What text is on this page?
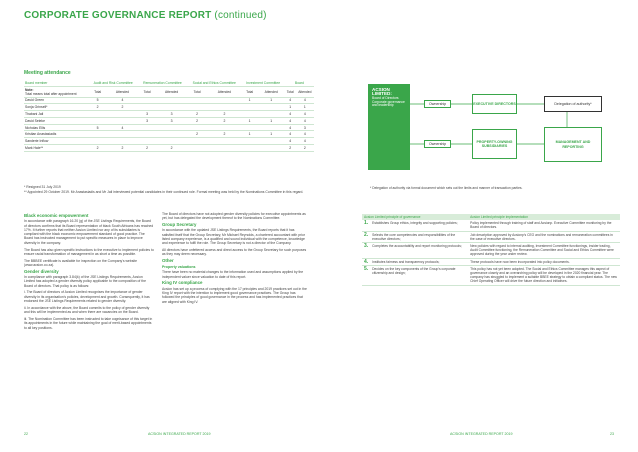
CORPORATE GOVERNANCE REPORT (continued)
Meeting attendance
Board member	Audit and Risk Committee		Remuneration Committee		Social and Ethics Committee		Investment Committee		Board	
Note:
Total means total after appointment	Total	Attended	Total	Attended	Total	Attended	Total	Attended	Total	Attended
David Green	5	4					1	1	4	4
Sonja Grinsell*	2	2							1	1
Thabani Jali			3	3	2	2			4	4
David Seleke			3	3	2	2	1	1	4	4
Nicholas Ellis	5	4							4	3
Kristian Anastasiadis					2	2	1	1	4	4
Sanderie Inflow									4	4
Mark Hale**	2	2	2	2					2	2
* Resigned 31 July 2019
** Appointed 29 October 2019. Mr Anastasiadis and Mr Jali interviewed potential candidates in their continued role. Formal meeting was held by the Nominations Committee in this regard.
Black economic empowerment

In accordance with paragraph 16.20 (g) of the JSE Listings Requirements, the Board of directors confirms that its Board representation of black South Africans has reached 17%. It further reports that neither Acsion Limited nor any of its subsidiaries is compliant with the black economic empowerment standard of good practice. The Board has instructed management to put specific measures in place to improve diversity in the company.

The Board has also given specific instructions to the executive to implement policies to ensure racial transformation of management in as short a time as possible.

The BBBEE certificate is available for inspection on the Company's website (www.acsion.co.za).

Gender diversity

In compliance with paragraph 3.84(k) of the JSE Listings Requirements, Acsion Limited has adopted a gender diversity policy applicable to the composition of the Board of directors. That policy is as follows:

i. The Board of directors of Acsion Limited recognises the importance of gender diversity in its organisation's policies, development and growth. Consequently, it has endorsed the JSE Listings Requirements related to gender diversity.

ii. In accordance with the above, the Board commits to the policy of gender diversity and this will be implemented as and when there are vacancies on the Board.

iii. The Nomination Committee has been instructed to take cognisance of this target in its appointments in the future while maintaining the goal of merit-based appointments to all key positions.

The Board of directors have not adopted gender diversity policies for executive appointments as yet, but has delegated the development thereof to the Nominations Committee.

Group Secretary

In accordance with the updated JSE Listings Requirements, the Board reports that it has satisfied itself that the Group Secretary, Mr Michael Reynolds, a chartered accountant with prior listed company experience, is a qualified and sound individual with the competence, knowledge and experience to fulfil the role. The Group Secretary is not a director of the Company.

All directors have unfettered access and direct access to the Group Secretary for such purposes as they may deem necessary.

Other
Property valuations

There have been no material changes to the information used and assumptions applied by the independent valuer since valuation to date of this report.

King IV compliance

Acsion has set up a process of complying with the 17 principles and 2019 practices set out in the King IV report with the intention to implement good governance practices. The Group has followed the principles of good governance in the process and has implemented practices that are aligned with King IV.

ACSION LIMITED:
Board of Directors Corporate governance and leadership	Ownership
Ownership
EXECUTIVE DIRECTORS
PROPERTY-OWNING SUBSIDIARIES
Delegation of authority*
MANAGEMENT AND REPORTING
* Delegation of authority via formal document which sets out the limits and manner of transaction parties.
Acsion Limited principle of governance		Acsion Limited principle implementation
1.	Establishes Group ethics, integrity and supporting policies;	Policy implemented through training of staff and Acsionp. Executive Committee monitoring by the Board of directors.
2.	Selects the core competencies and responsibilities of the executive directors;	Job description approved by Acsionp's CEO and the nominations and remuneration committees in the case of executive directors.
3.	Completes the accountability and report monitoring protocols;	New policies with regard to internal auditing, Investment Committee functionings, insider trading, Audit Committee functioning, the Remuneration Committee and Social and Ethics Committee were approved during the year under review.
4.	Institutes fairness and transparency protocols;	These protocols have now been incorporated into policy documents.
5.	Decides on the key components of the Group's corporate citizenship and design;	This policy has not yet been adopted. The Social and Ethics Committee manages this aspect of governance closely and an overarching policy will be developed in the 2020 financial year. The company has struggled to implement a suitable BBEE strategy to obtain a compliant status. The new Chief Operating Officer will drive the future direction and initiatives.
22	ACSION INTEGRATED REPORT 2019	ACSION INTEGRATED REPORT 2019	23
